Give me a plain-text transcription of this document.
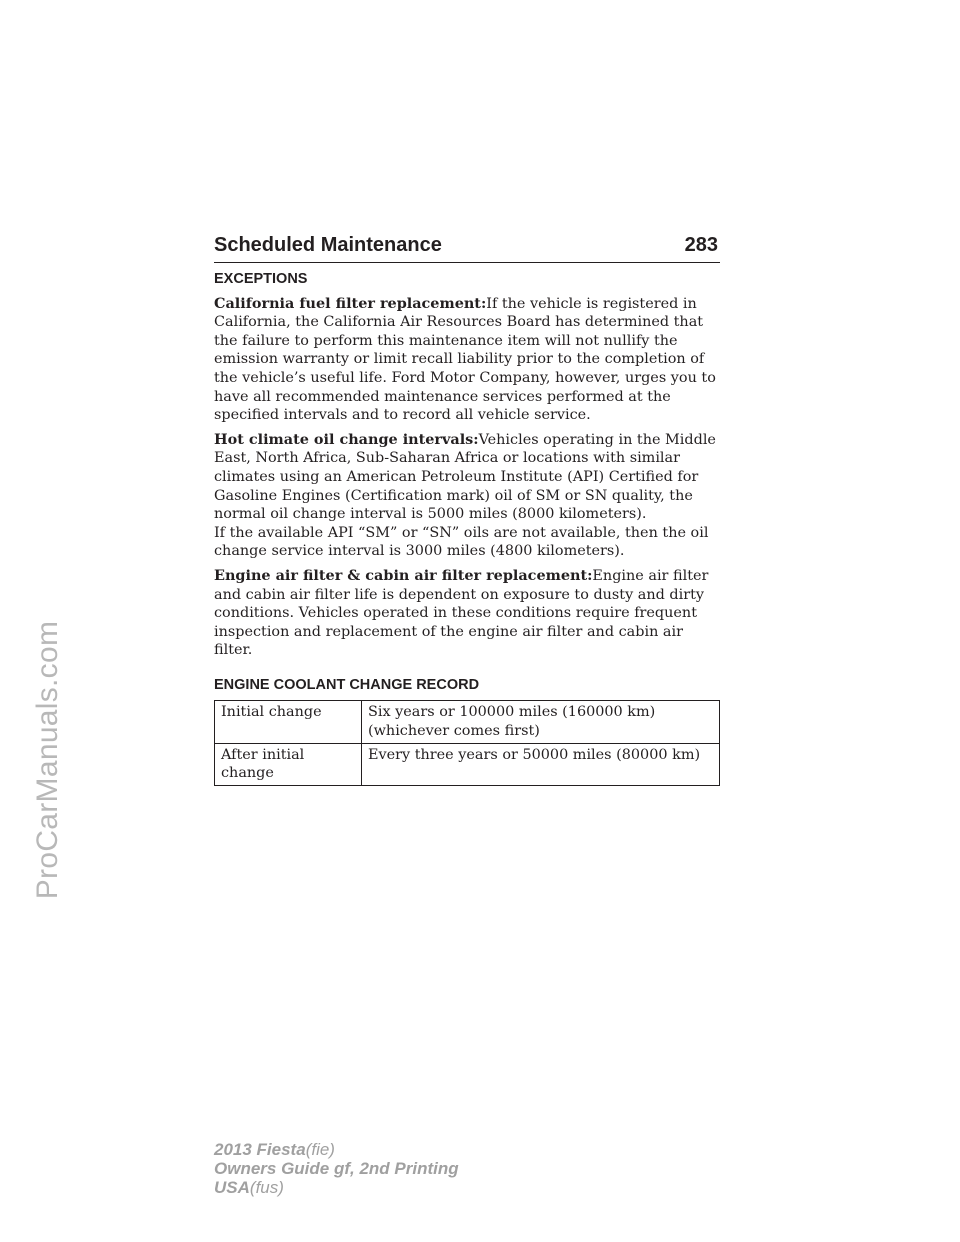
ProCarManuals.com
Scheduled Maintenance	283
EXCEPTIONS

California fuel filter replacement:If the vehicle is registered in California, the California Air Resources Board has determined that the failure to perform this maintenance item will not nullify the emission warranty or limit recall liability prior to the completion of the vehicle’s useful life. Ford Motor Company, however, urges you to have all recommended maintenance services performed at the specified intervals and to record all vehicle service.

Hot climate oil change intervals:Vehicles operating in the Middle East, North Africa, Sub-Saharan Africa or locations with similar climates using an American Petroleum Institute (API) Certified for Gasoline Engines (Certification mark) oil of SM or SN quality, the normal oil change interval is 5000 miles (8000 kilometers).

If the available API “SM” or “SN” oils are not available, then the oil change service interval is 3000 miles (4800 kilometers).

Engine air filter & cabin air filter replacement:Engine air filter and cabin air filter life is dependent on exposure to dusty and dirty conditions. Vehicles operated in these conditions require frequent inspection and replacement of the engine air filter and cabin air filter.

ENGINE COOLANT CHANGE RECORD
Initial change	Six years or 100000 miles (160000 km) (whichever comes first)
After initial change	Every three years or 50000 miles (80000 km)
2013 Fiesta(fie)
Owners Guide gf, 2nd Printing
USA(fus)
